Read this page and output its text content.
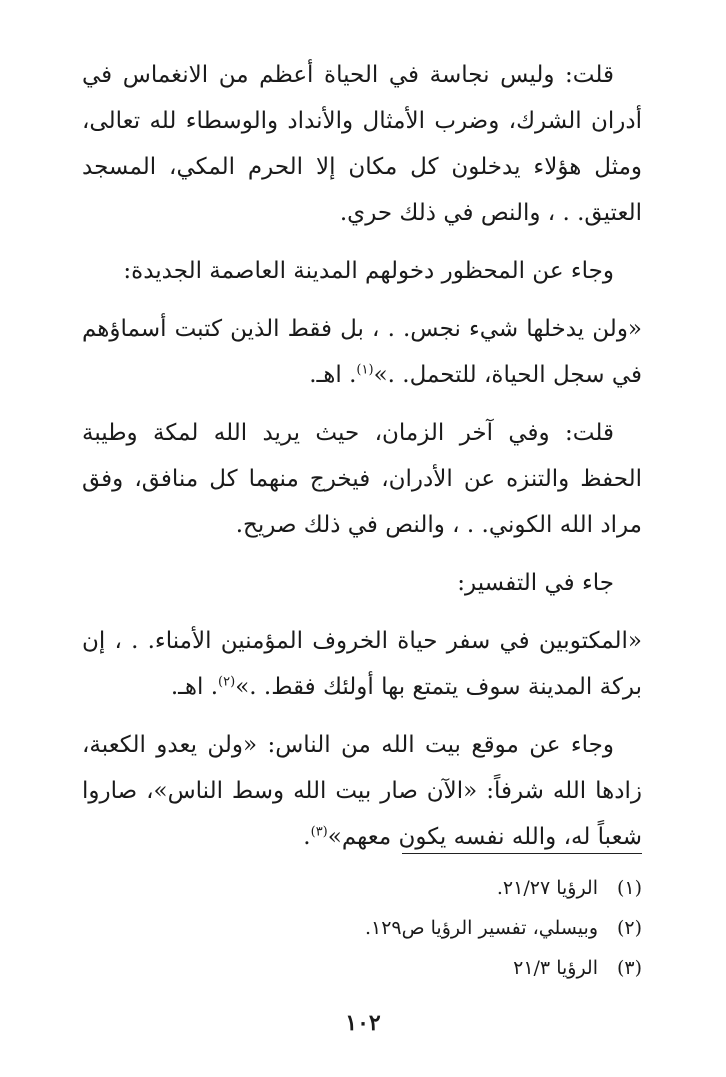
قلت: وليس نجاسة في الحياة أعظم من الانغماس في أدران الشرك، وضرب الأمثال والأنداد والوسطاء لله تعالى، ومثل هؤلاء يدخلون كل مكان إلا الحرم المكي، المسجد العتيق. . ، والنص في ذلك حري.

وجاء عن المحظور دخولهم المدينة العاصمة الجديدة:

«ولن يدخلها شيء نجس. . ، بل فقط الذين كتبت أسماؤهم في سجل الحياة، للتحمل. .»$^{(١)}$. اهـ.

قلت: وفي آخر الزمان، حيث يريد الله لمكة وطيبة الحفظ والتنزه عن الأدران، فيخرج منهما كل منافق، وفق مراد الله الكوني. . ، والنص في ذلك صريح.

جاء في التفسير:

«المكتوبين في سفر حياة الخروف المؤمنين الأمناء. . ، إن بركة المدينة سوف يتمتع بها أولئك فقط. .»$^{(٢)}$. اهـ.

وجاء عن موقع بيت الله من الناس: «ولن يعدو الكعبة، زادها الله شرفاً: «الآن صار بيت الله وسط الناس»، صاروا شعباً له، والله نفسه يكون معهم»$^{(٣)}$.

(١)
الرؤيا ٢١/٢٧.
(٢)
وبيسلي، تفسير الرؤيا ص١٢٩.
(٣)
الرؤيا ٢١/٣
١٠٢
